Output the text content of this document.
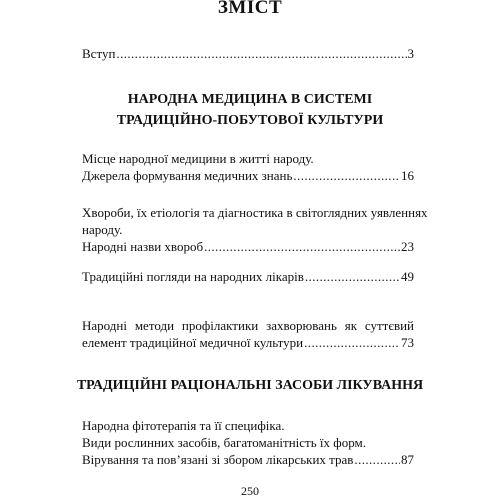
ЗМІСТ
Вступ .....	3
НАРОДНА МЕДИЦИНА В СИСТЕМІ
ТРАДИЦІЙНО-ПОБУТОВОЇ КУЛЬТУРИ
Місце народної медицини в житті народу.
Джерела формування медичних знань .....	16
Хвороби, їх етіологія та діагностика в світоглядних уявленнях
народу.
Народні назви хвороб .....	23
Традиційні погляди на народних лікарів .....	49
Народні методи профілактики захворювань як суттєвий
елемент традиційної медичної культури .....	73
ТРАДИЦІЙНІ РАЦІОНАЛЬНІ ЗАСОБИ ЛІКУВАННЯ
Народна фітотерапія та її специфіка.
Види рослинних засобів, багатоманітність їх форм.
Вірування та пов’язані зі збором лікарських трав .....	87
250
